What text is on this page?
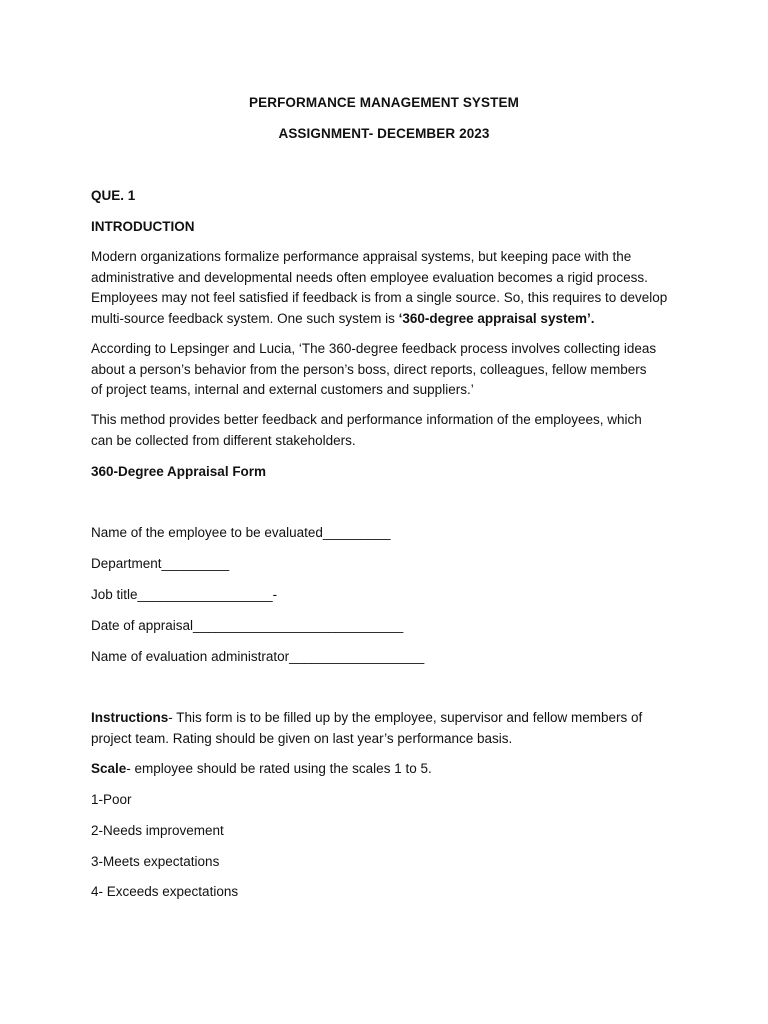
PERFORMANCE MANAGEMENT SYSTEM
ASSIGNMENT- DECEMBER 2023
QUE. 1
INTRODUCTION
Modern organizations formalize performance appraisal systems, but keeping pace with the
administrative and developmental needs often employee evaluation becomes a rigid process.
Employees may not feel satisfied if feedback is from a single source. So, this requires to develop
multi-source feedback system. One such system is ‘360-degree appraisal system’.
According to Lepsinger and Lucia, ‘The 360-degree feedback process involves collecting ideas
about a person’s behavior from the person’s boss, direct reports, colleagues, fellow members
of project teams, internal and external customers and suppliers.’
This method provides better feedback and performance information of the employees, which
can be collected from different stakeholders.
360-Degree Appraisal Form
Name of the employee to be evaluated_________
Department_________
Job title__________________-
Date of appraisal____________________________
Name of evaluation administrator__________________
Instructions- This form is to be filled up by the employee, supervisor and fellow members of
project team. Rating should be given on last year’s performance basis.
Scale- employee should be rated using the scales 1 to 5.
1-Poor
2-Needs improvement
3-Meets expectations
4- Exceeds expectations
